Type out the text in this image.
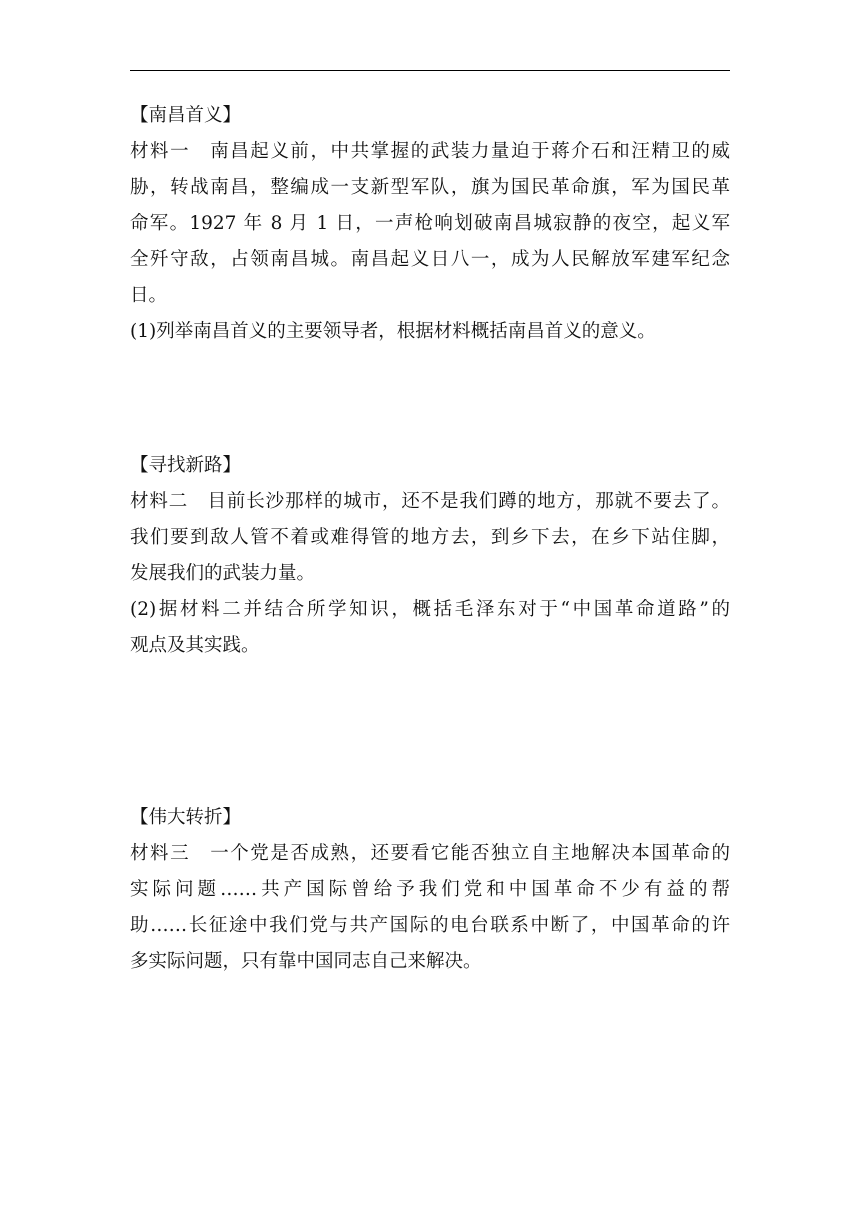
【南昌首义】
材料一　南昌起义前，中共掌握的武装力量迫于蒋介石和汪精卫的威
胁，转战南昌，整编成一支新型军队，旗为国民革命旗，军为国民革
命军。1927 年 8 月 1 日，一声枪响划破南昌城寂静的夜空，起义军
全歼守敌，占领南昌城。南昌起义日八一，成为人民解放军建军纪念
日。
(1)列举南昌首义的主要领导者，根据材料概括南昌首义的意义。
【寻找新路】
材料二　目前长沙那样的城市，还不是我们蹲的地方，那就不要去了。
我们要到敌人管不着或难得管的地方去，到乡下去，在乡下站住脚，
发展我们的武装力量。
(2)据材料二并结合所学知识，概括毛泽东对于“中国革命道路”的
观点及其实践。
【伟大转折】
材料三　一个党是否成熟，还要看它能否独立自主地解决本国革命的
实际问题……共产国际曾给予我们党和中国革命不少有益的帮
助……长征途中我们党与共产国际的电台联系中断了，中国革命的许
多实际问题，只有靠中国同志自己来解决。
